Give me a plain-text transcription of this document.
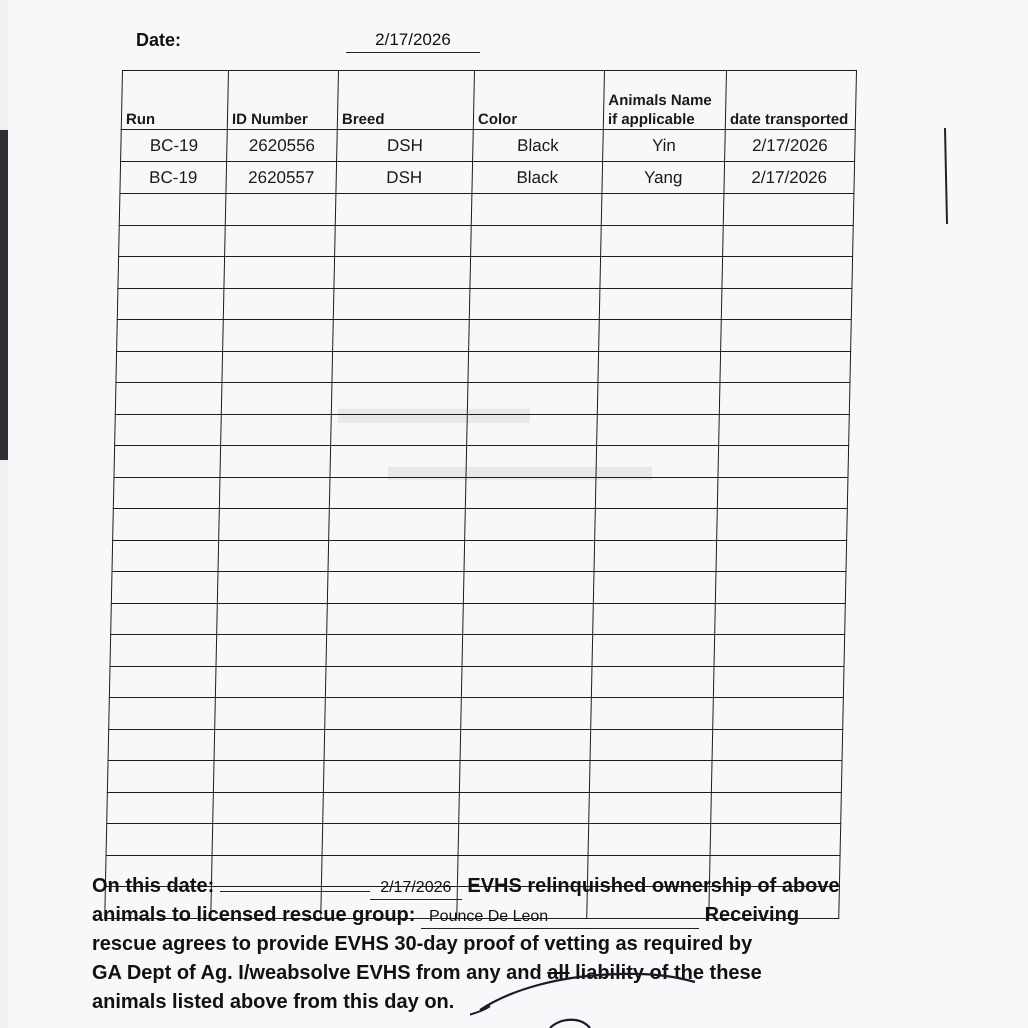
▬▬▬▬
▬▬▬▬▬▬
Date:	2/17/2026
Run	ID Number	Breed	Color	Animals Name if applicable	date transported
BC-19	2620556	DSH	Black	Yin	2/17/2026
BC-19	2620557	DSH	Black	Yang	2/17/2026

On this date:	2/17/2026 EVHS relinquished ownership of above
animals to licensed rescue group: Pounce De Leon	Receiving
rescue agrees to provide EVHS 30-day proof of vetting as required by
GA Dept of Ag. I/weabsolve EVHS from any and all liability of the these
animals listed above from this day on.
